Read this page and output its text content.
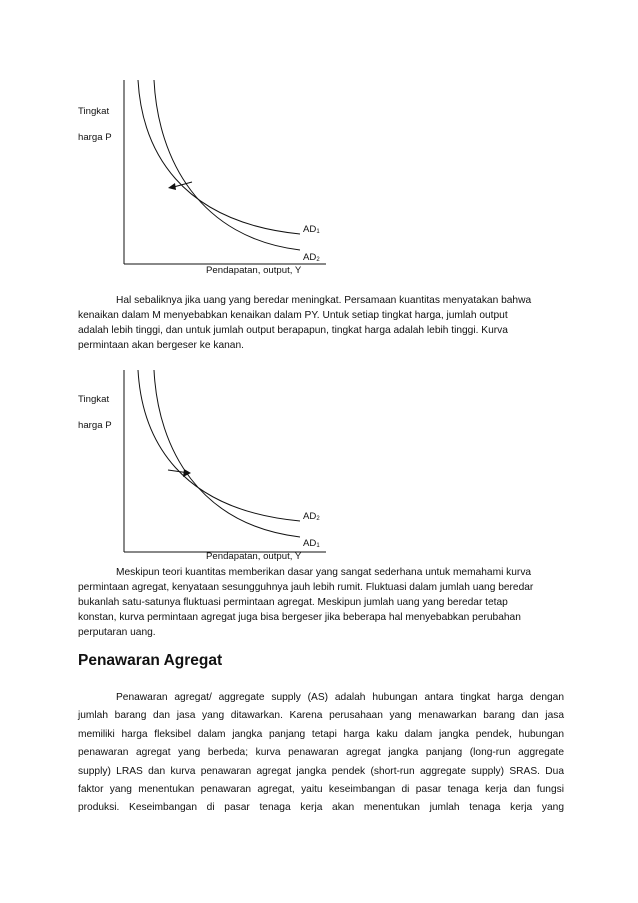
Tingkat

harga P
$AD_1$
$AD_2$
Pendapatan, output, Y

Hal sebaliknya jika uang yang beredar meningkat. Persamaan kuantitas menyatakan bahwa
kenaikan dalam M menyebabkan kenaikan dalam PY. Untuk setiap tingkat harga, jumlah output
adalah lebih tinggi, dan untuk jumlah output berapapun, tingkat harga adalah lebih tinggi. Kurva
permintaan akan bergeser ke kanan.

Tingkat

harga P
$AD_2$
$AD_1$
Pendapatan, output, Y

Meskipun teori kuantitas memberikan dasar yang sangat sederhana untuk memahami kurva
permintaan agregat, kenyataan sesungguhnya jauh lebih rumit. Fluktuasi dalam jumlah uang beredar
bukanlah satu-satunya fluktuasi permintaan agregat. Meskipun jumlah uang yang beredar tetap
konstan, kurva permintaan agregat juga bisa bergeser jika beberapa hal menyebabkan perubahan
perputaran uang.

Penawaran Agregat

Penawaran agregat/ aggregate supply (AS) adalah hubungan antara tingkat harga dengan
jumlah barang dan jasa yang ditawarkan. Karena perusahaan yang menawarkan barang dan jasa
memiliki harga fleksibel dalam jangka panjang tetapi harga kaku dalam jangka pendek, hubungan
penawaran agregat yang berbeda; kurva penawaran agregat jangka panjang (long-run aggregate
supply) LRAS dan kurva penawaran agregat jangka pendek (short-run aggregate supply) SRAS. Dua
faktor yang menentukan penawaran agregat, yaitu keseimbangan di pasar tenaga kerja dan fungsi
produksi. Keseimbangan di pasar tenaga kerja akan menentukan jumlah tenaga kerja yang
